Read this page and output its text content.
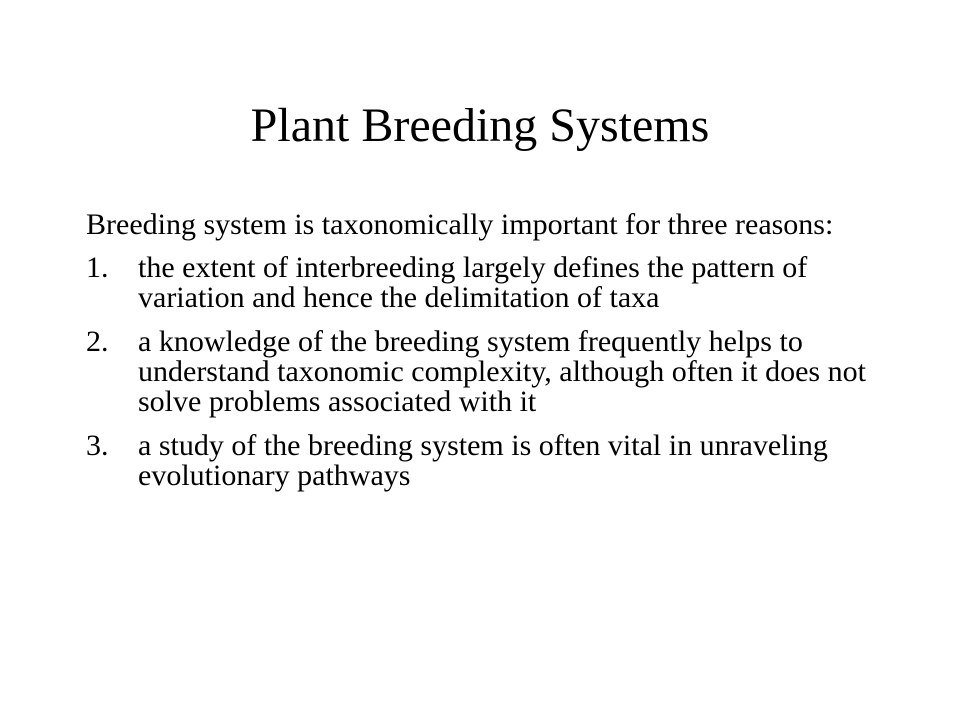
Plant Breeding Systems

Breeding system is taxonomically important for three reasons:

1. the extent of interbreeding largely defines the pattern of variation and hence the delimitation of taxa
2. a knowledge of the breeding system frequently helps to understand taxonomic complexity, although often it does not solve problems associated with it
3. a study of the breeding system is often vital in unraveling evolutionary pathways
